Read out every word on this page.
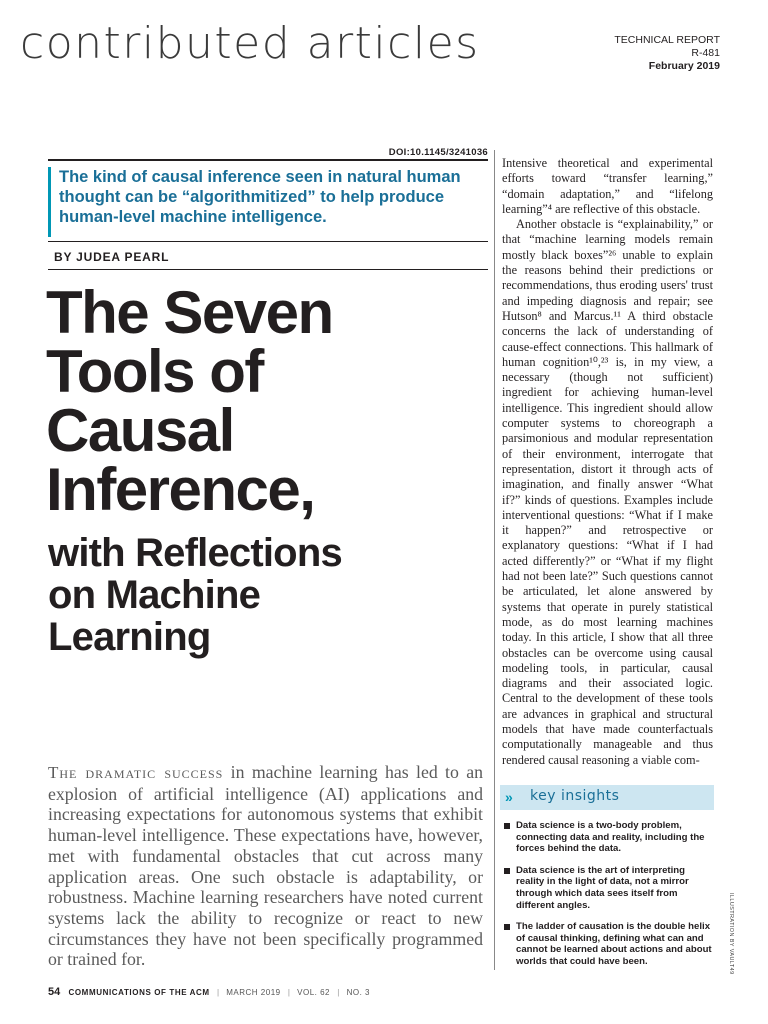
contributed articles	TECHNICAL REPORT
R-481
February 2019
DOI:10.1145/3241036
The kind of causal inference seen in natural human thought can be “algorithmitized” to help produce human-level machine intelligence.
BY JUDEA PEARL
The Seven
Tools of
Causal
Inference,
with Reflections
on Machine
Learning
The dramatic success in machine learning has led to an explosion of artificial intelligence (AI) applications and increasing expectations for autonomous systems that exhibit human-level intelligence. These expectations have, however, met with fundamental obstacles that cut across many application areas. One such obstacle is adaptability, or robustness. Machine learning researchers have noted current systems lack the ability to recognize or react to new circumstances they have not been specifically programmed or trained for.

Intensive theoretical and experimental efforts toward “transfer learning,” “domain adaptation,” and “lifelong learning”⁴ are reflective of this obstacle.

Another obstacle is “explainability,” or that “machine learning models remain mostly black boxes”²⁶ unable to explain the reasons behind their predictions or recommendations, thus eroding users' trust and impeding diagnosis and repair; see Hutson⁸ and Marcus.¹¹ A third obstacle concerns the lack of understanding of cause-effect connections. This hallmark of human cognition¹⁰,²³ is, in my view, a necessary (though not sufficient) ingredient for achieving human-level intelligence. This ingredient should allow computer systems to choreograph a parsimonious and modular representation of their environment, interrogate that representation, distort it through acts of imagination, and finally answer “What if?” kinds of questions. Examples include interventional questions: “What if I make it happen?” and retrospective or explanatory questions: “What if I had acted differently?” or “What if my flight had not been late?” Such questions cannot be articulated, let alone answered by systems that operate in purely statistical mode, as do most learning machines today. In this article, I show that all three obstacles can be overcome using causal modeling tools, in particular, causal diagrams and their associated logic. Central to the development of these tools are advances in graphical and structural models that have made counterfactuals computationally manageable and thus rendered causal reasoning a viable com-

» key insights
Data science is a two-body problem, connecting data and reality, including the forces behind the data.
Data science is the art of interpreting reality in the light of data, not a mirror through which data sees itself from different angles.
The ladder of causation is the double helix of causal thinking, defining what can and cannot be learned about actions and about worlds that could have been.	ILLUSTRATION BY VAULT49
54 COMMUNICATIONS OF THE ACM | MARCH 2019 | VOL. 62 | NO. 3
